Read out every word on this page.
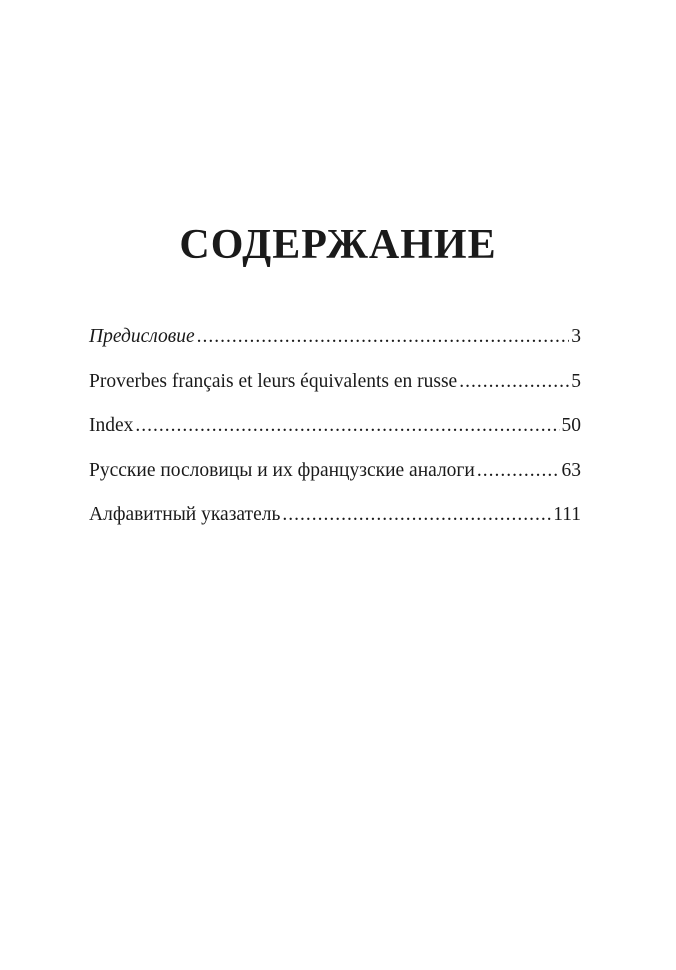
СОДЕРЖАНИЕ
Предисловие .....	3
Proverbes français et leurs équivalents en russe .....	5
Index .....	50
Русские пословицы и их французские аналоги .....	63
Алфавитный указатель .....	111
